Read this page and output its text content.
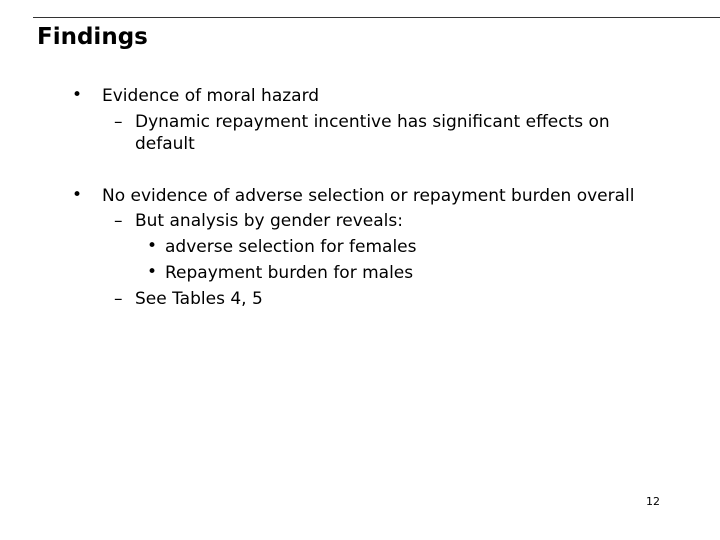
Findings
• Evidence of moral hazard
– Dynamic repayment incentive has significant effects on
default
• No evidence of adverse selection or repayment burden overall
– But analysis by gender reveals:
• adverse selection for females
• Repayment burden for males
– See Tables 4, 5
12
